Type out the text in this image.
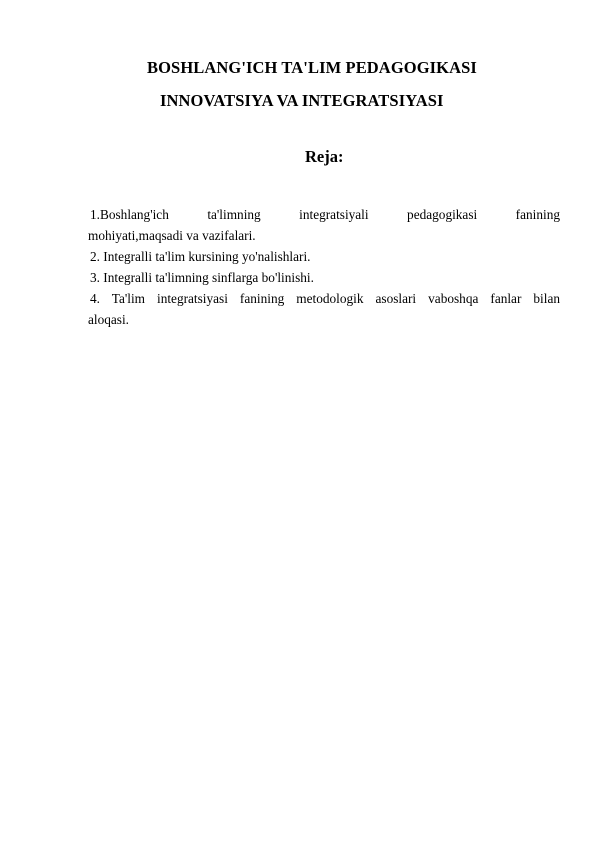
BOSHLANG'ICH TA'LIM PEDAGOGIKASI
INNOVATSIYA VA INTEGRATSIYASI
Reja:
1.Boshlang'ich ta'limning integratsiyali pedagogikasi fanining
mohiyati,maqsadi va vazifalari.
2. Integralli ta'lim kursining yo'nalishlari.
3. Integralli ta'limning sinflarga bo'linishi.
4. Ta'lim integratsiyasi fanining metodologik asoslari vaboshqa fanlar bilan
aloqasi.
